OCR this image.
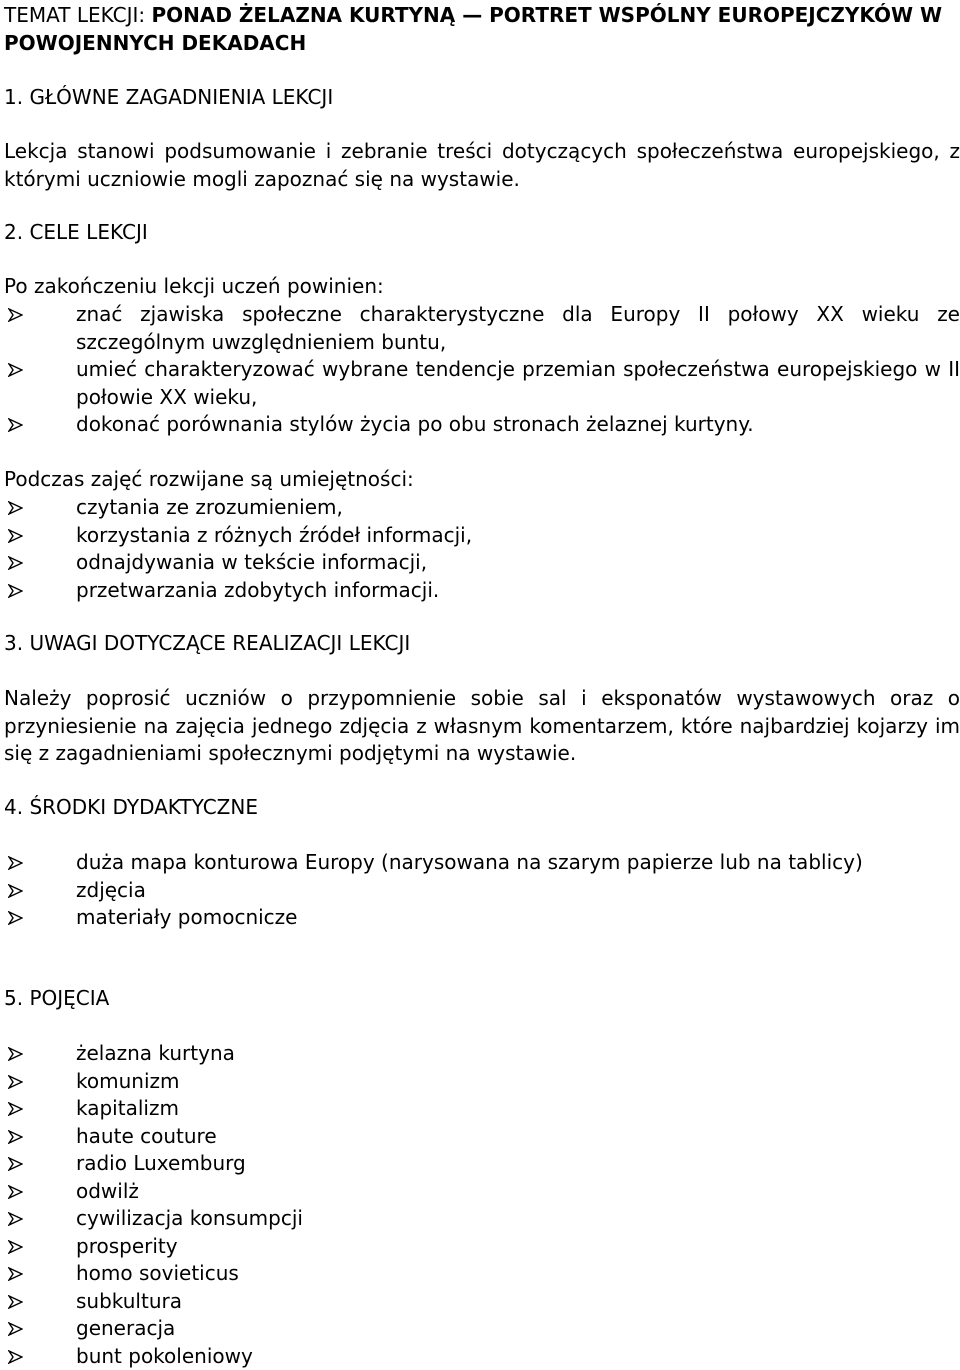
TEMAT LEKCJI: PONAD ŻELAZNA KURTYNĄ — PORTRET WSPÓLNY EUROPEJCZYKÓW W POWOJENNYCH DEKADACH

1. GŁÓWNE ZAGADNIENIA LEKCJI

Lekcja stanowi podsumowanie i zebranie treści dotyczących społeczeństwa europejskiego, z którymi uczniowie mogli zapoznać się na wystawie.

2. CELE LEKCJI

Po zakończeniu lekcji uczeń powinien:

znać zjawiska społeczne charakterystyczne dla Europy II połowy XX wieku ze szczególnym uwzględnieniem buntu,
umieć charakteryzować wybrane tendencje przemian społeczeństwa europejskiego w II połowie XX wieku,
dokonać porównania stylów życia po obu stronach żelaznej kurtyny.

Podczas zajęć rozwijane są umiejętności:

czytania ze zrozumieniem,
korzystania z różnych źródeł informacji,
odnajdywania w tekście informacji,
przetwarzania zdobytych informacji.
3. UWAGI DOTYCZĄCE REALIZACJI LEKCJI

Należy poprosić uczniów o przypomnienie sobie sal i eksponatów wystawowych oraz o przyniesienie na zajęcia jednego zdjęcia z własnym komentarzem, które najbardziej kojarzy im się z zagadnieniami społecznymi podjętymi na wystawie.

4. ŚRODKI DYDAKTYCZNE
duża mapa konturowa Europy (narysowana na szarym papierze lub na tablicy)
zdjęcia
materiały pomocnicze
5. POJĘCIA
żelazna kurtyna
komunizm
kapitalizm
haute couture
radio Luxemburg
odwilż
cywilizacja konsumpcji
prosperity
homo sovieticus
subkultura
generacja
bunt pokoleniowy
